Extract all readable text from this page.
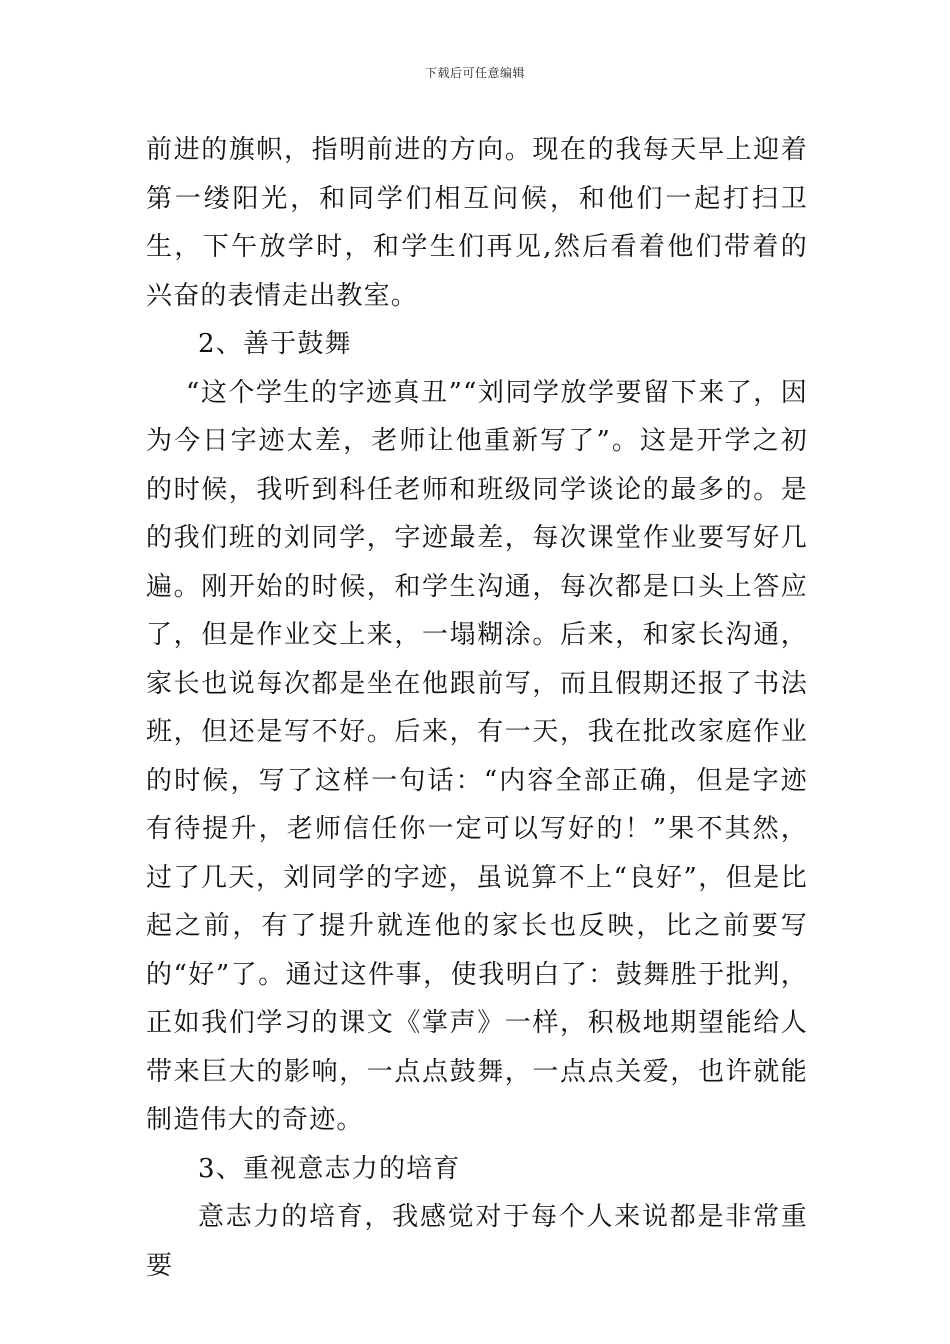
下载后可任意编辑

前进的旗帜，指明前进的方向。现在的我每天早上迎着第一缕阳光，和同学们相互问候，和他们一起打扫卫生，下午放学时，和学生们再见,然后看着他们带着的兴奋的表情走出教室。

2、善于鼓舞

“这个学生的字迹真丑”“刘同学放学要留下来了，因为今日字迹太差，老师让他重新写了”。这是开学之初的时候，我听到科任老师和班级同学谈论的最多的。是的我们班的刘同学，字迹最差，每次课堂作业要写好几遍。刚开始的时候，和学生沟通，每次都是口头上答应了，但是作业交上来，一塌糊涂。后来，和家长沟通，家长也说每次都是坐在他跟前写，而且假期还报了书法班，但还是写不好。后来，有一天，我在批改家庭作业的时候，写了这样一句话：“内容全部正确，但是字迹有待提升，老师信任你一定可以写好的！”果不其然，过了几天，刘同学的字迹，虽说算不上“良好”，但是比起之前，有了提升就连他的家长也反映，比之前要写的“好”了。通过这件事，使我明白了：鼓舞胜于批判，正如我们学习的课文《掌声》一样，积极地期望能给人带来巨大的影响，一点点鼓舞，一点点关爱，也许就能制造伟大的奇迹。

3、重视意志力的培育

意志力的培育，我感觉对于每个人来说都是非常重要
